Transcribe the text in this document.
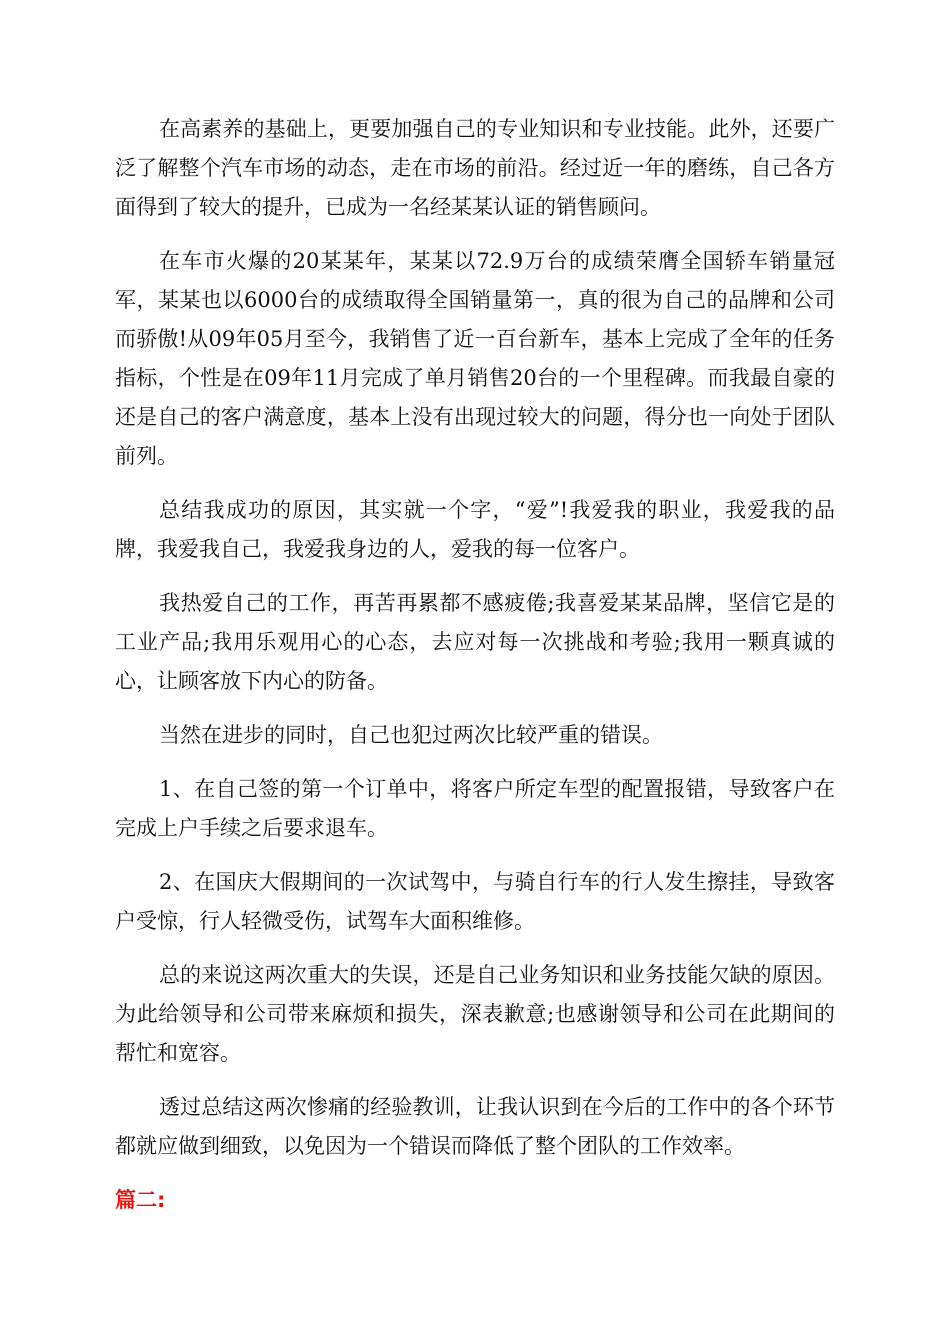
在高素养的基础上，更要加强自己的专业知识和专业技能。此外，还要广泛了解整个汽车市场的动态，走在市场的前沿。经过近一年的磨练，自己各方面得到了较大的提升，已成为一名经某某认证的销售顾问。

在车市火爆的20某某年，某某以72.9万台的成绩荣膺全国轿车销量冠军，某某也以6000台的成绩取得全国销量第一，真的很为自己的品牌和公司而骄傲!从09年05月至今，我销售了近一百台新车，基本上完成了全年的任务指标，个性是在09年11月完成了单月销售20台的一个里程碑。而我最自豪的还是自己的客户满意度，基本上没有出现过较大的问题，得分也一向处于团队前列。

总结我成功的原因，其实就一个字，“爱”!我爱我的职业，我爱我的品牌，我爱我自己，我爱我身边的人，爱我的每一位客户。

我热爱自己的工作，再苦再累都不感疲倦;我喜爱某某品牌，坚信它是的工业产品;我用乐观用心的心态，去应对每一次挑战和考验;我用一颗真诚的心，让顾客放下内心的防备。

当然在进步的同时，自己也犯过两次比较严重的错误。

1、在自己签的第一个订单中，将客户所定车型的配置报错，导致客户在完成上户手续之后要求退车。

2、在国庆大假期间的一次试驾中，与骑自行车的行人发生擦挂，导致客户受惊，行人轻微受伤，试驾车大面积维修。

总的来说这两次重大的失误，还是自己业务知识和业务技能欠缺的原因。为此给领导和公司带来麻烦和损失，深表歉意;也感谢领导和公司在此期间的帮忙和宽容。

透过总结这两次惨痛的经验教训，让我认识到在今后的工作中的各个环节都就应做到细致，以免因为一个错误而降低了整个团队的工作效率。

篇二:
